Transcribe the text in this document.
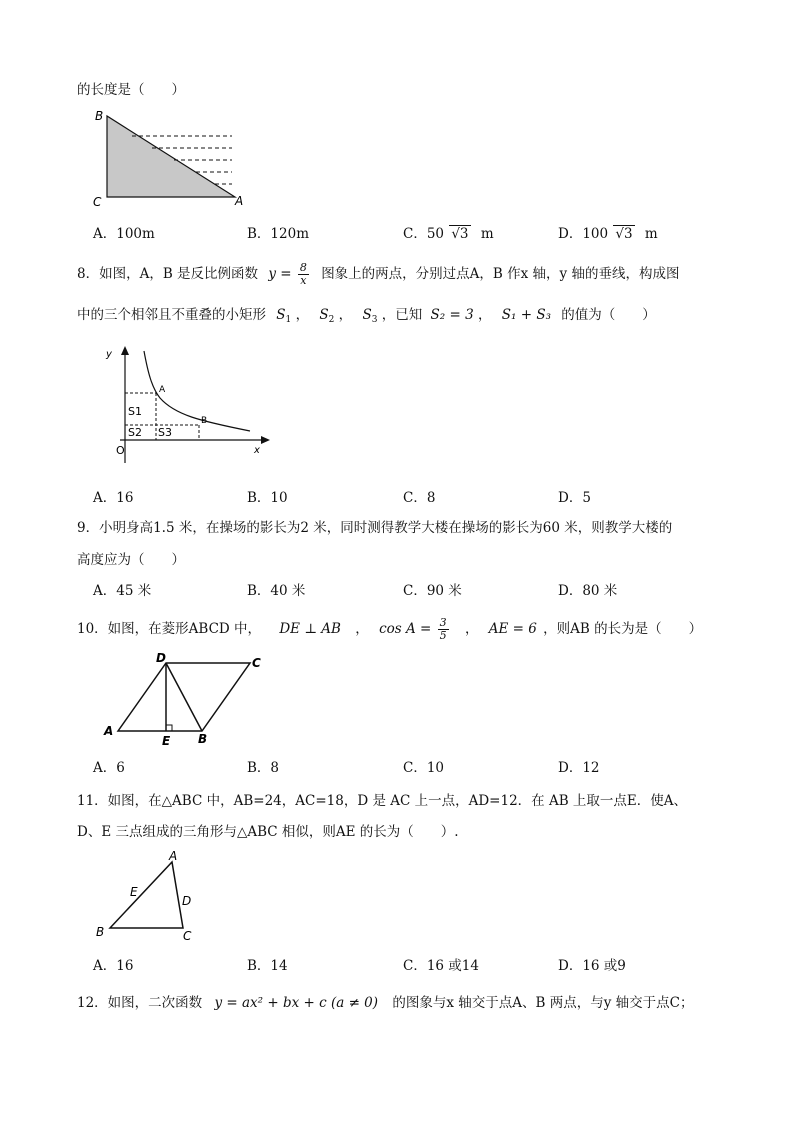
的长度是（　　）
B
C	A
A．100m	B．120m	C．50 √3 m	D．100 √3 m
8．如图，A，B 是反比例函数 $y = \frac{8}{x}$ 图象上的两点，分别过点A，B 作x 轴，y 轴的垂线，构成图
中的三个相邻且不重叠的小矩形 $S_1$ ， $S_2$ ， $S_3$ ，已知 S₂ = 3 ， S₁ + S₃ 的值为（　　）
y
x
O
A
B
S1
S2 S3
A．16	B．10	C．8	D．5
9．小明身高1.5 米，在操场的影长为2 米，同时测得教学大楼在操场的影长为60 米，则教学大楼的
高度应为（　　）
A．45 米	B．40 米	C．90 米	D．80 米
10．如图，在菱形ABCD 中， DE ⊥ AB ， $\cos A = \frac{3}{5}$ ， AE = 6 ，则AB 的长为是（　　）
D	C
A
E B
A．6	B．8	C．10	D．12
11．如图，在△ABC 中，AB=24，AC=18，D 是 AC 上一点，AD=12．在 AB 上取一点E．使A、
D、E 三点组成的三角形与△ABC 相似，则AE 的长为（　　）.
A
E
D
B	C
A．16	B．14	C．16 或14	D．16 或9
12．如图，二次函数 y = ax² + bx + c (a ≠ 0) 的图象与x 轴交于点A、B 两点，与y 轴交于点C；
